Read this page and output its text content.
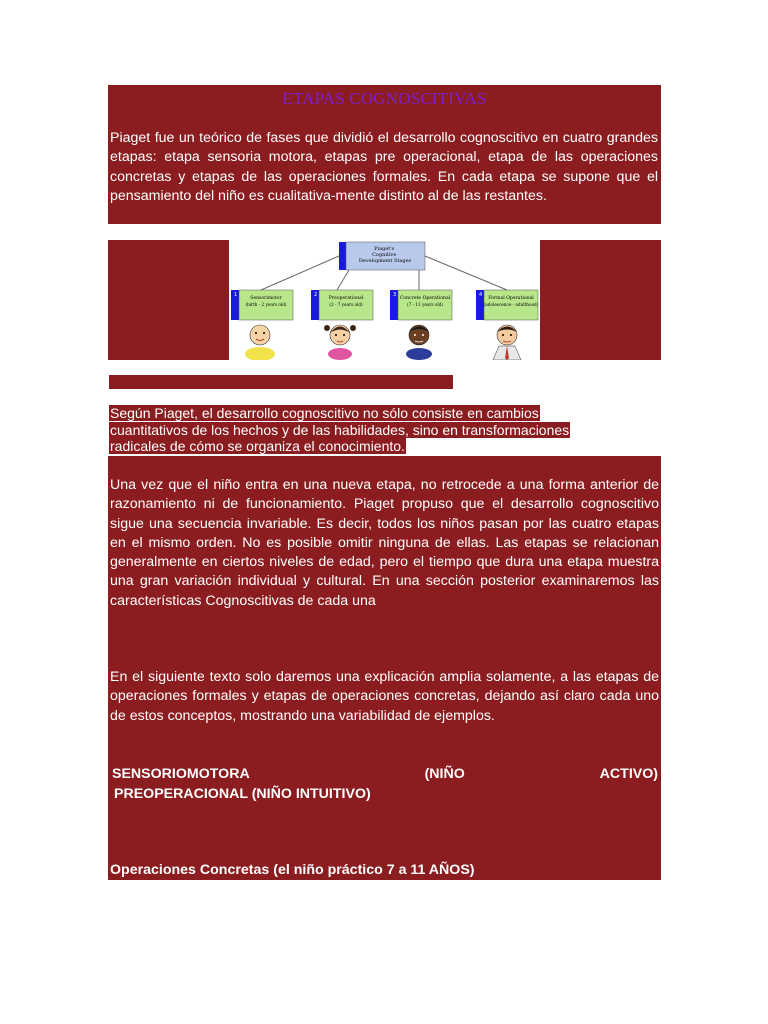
ETAPAS COGNOSCITIVAS

Piaget fue un teórico de fases que dividió el desarrollo cognoscitivo en cuatro grandes etapas: etapa sensoria motora, etapas pre operacional, etapa de las operaciones concretas y etapas de las operaciones formales. En cada etapa se supone que el pensamiento del niño es cualitativa-mente distinto al de las restantes.

Piaget's Cognitive Development Stages
1
Sensorimotor
(birth - 2 years old)
2
Preoperational
(2 - 7 years old)
3
Concrete Operational
(7 - 11 years old)
4
Formal Operational
(adolescence - adulthood)

Según Piaget, el desarrollo cognoscitivo no sólo consiste en cambios
cuantitativos de los hechos y de las habilidades, sino en transformaciones
radicales de cómo se organiza el conocimiento.

Una vez que el niño entra en una nueva etapa, no retrocede a una forma anterior de razonamiento ni de funcionamiento. Piaget propuso que el desarrollo cognoscitivo sigue una secuencia invariable. Es decir, todos los niños pasan por las cuatro etapas en el mismo orden. No es posible omitir ninguna de ellas. Las etapas se relacionan generalmente en ciertos niveles de edad, pero el tiempo que dura una etapa muestra una gran variación individual y cultural. En una sección posterior examinaremos las características Cognoscitivas de cada una

En el siguiente texto solo daremos una explicación amplia solamente, a las etapas de operaciones formales y etapas de operaciones concretas, dejando así claro cada uno de estos conceptos, mostrando una variabilidad de ejemplos.

SENSORIOMOTORA	(NIÑO	ACTIVO)

PREOPERACIONAL (NIÑO INTUITIVO)

Operaciones Concretas (el niño práctico 7 a 11 AÑOS)
